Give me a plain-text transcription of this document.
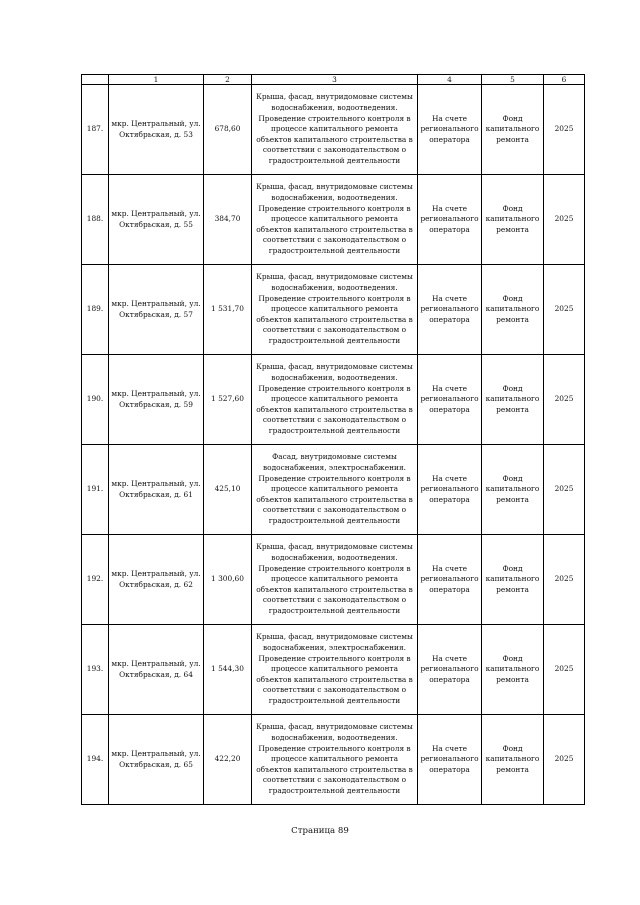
	1	2	3	4	5	6
187.	мкр. Центральный, ул. Октябрьская, д. 53	678,60	Крыша, фасад, внутридомовые системы водоснабжения, водоотведения. Проведение строительного контроля в процессе капитального ремонта объектов капитального строительства в соответствии с законодательством о градостроительной деятельности	На счете регионального оператора	Фонд капитального ремонта	2025
188.	мкр. Центральный, ул. Октябрьская, д. 55	384,70	Крыша, фасад, внутридомовые системы водоснабжения, водоотведения. Проведение строительного контроля в процессе капитального ремонта объектов капитального строительства в соответствии с законодательством о градостроительной деятельности	На счете регионального оператора	Фонд капитального ремонта	2025
189.	мкр. Центральный, ул. Октябрьская, д. 57	1 531,70	Крыша, фасад, внутридомовые системы водоснабжения, водоотведения. Проведение строительного контроля в процессе капитального ремонта объектов капитального строительства в соответствии с законодательством о градостроительной деятельности	На счете регионального оператора	Фонд капитального ремонта	2025
190.	мкр. Центральный, ул. Октябрьская, д. 59	1 527,60	Крыша, фасад, внутридомовые системы водоснабжения, водоотведения. Проведение строительного контроля в процессе капитального ремонта объектов капитального строительства в соответствии с законодательством о градостроительной деятельности	На счете регионального оператора	Фонд капитального ремонта	2025
191.	мкр. Центральный, ул. Октябрьская, д. 61	425,10	Фасад, внутридомовые системы водоснабжения, электроснабжения. Проведение строительного контроля в процессе капитального ремонта объектов капитального строительства в соответствии с законодательством о градостроительной деятельности	На счете регионального оператора	Фонд капитального ремонта	2025
192.	мкр. Центральный, ул. Октябрьская, д. 62	1 300,60	Крыша, фасад, внутридомовые системы водоснабжения, водоотведения. Проведение строительного контроля в процессе капитального ремонта объектов капитального строительства в соответствии с законодательством о градостроительной деятельности	На счете регионального оператора	Фонд капитального ремонта	2025
193.	мкр. Центральный, ул. Октябрьская, д. 64	1 544,30	Крыша, фасад, внутридомовые системы водоснабжения, электроснабжения. Проведение строительного контроля в процессе капитального ремонта объектов капитального строительства в соответствии с законодательством о градостроительной деятельности	На счете регионального оператора	Фонд капитального ремонта	2025
194.	мкр. Центральный, ул. Октябрьская, д. 65	422,20	Крыша, фасад, внутридомовые системы водоснабжения, водоотведения. Проведение строительного контроля в процессе капитального ремонта объектов капитального строительства в соответствии с законодательством о градостроительной деятельности	На счете регионального оператора	Фонд капитального ремонта	2025
Страница 89
